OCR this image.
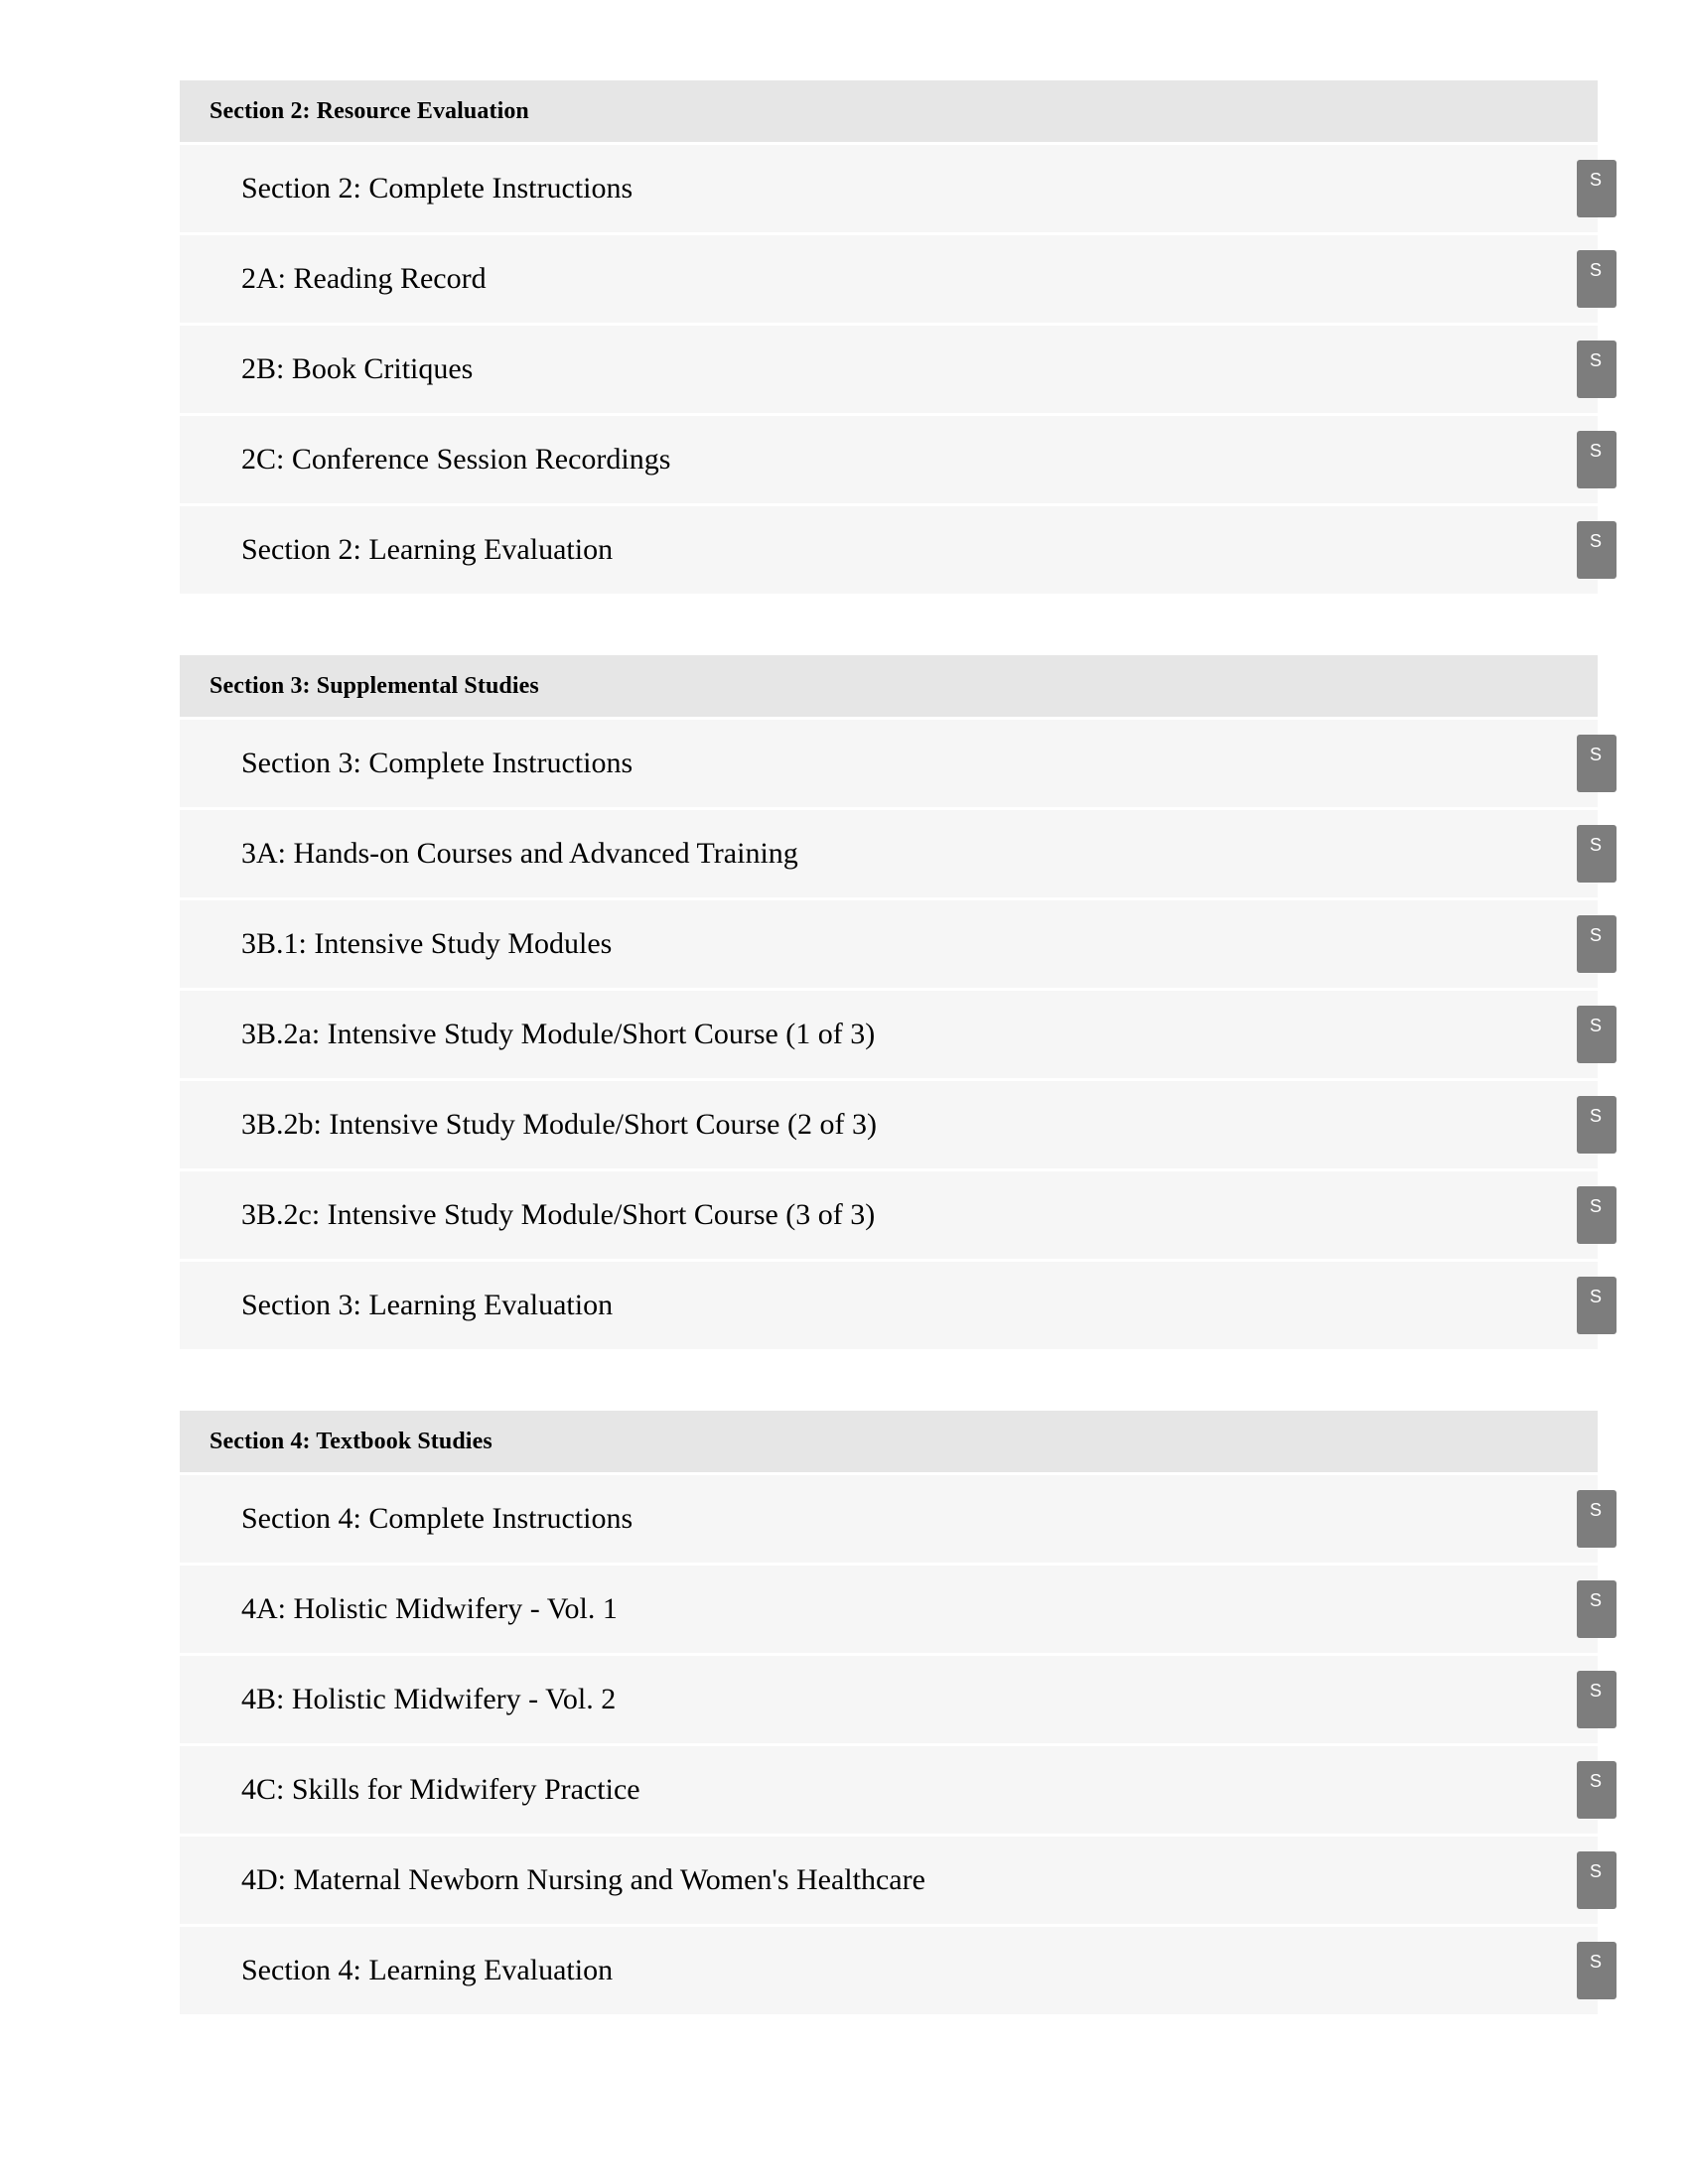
Section 2: Resource Evaluation
Section 2: Complete Instructions	S
2A: Reading Record	S
2B: Book Critiques	S
2C: Conference Session Recordings	S
Section 2: Learning Evaluation	S
Section 3: Supplemental Studies
Section 3: Complete Instructions	S
3A: Hands-on Courses and Advanced Training	S
3B.1: Intensive Study Modules	S
3B.2a: Intensive Study Module/Short Course (1 of 3)	S
3B.2b: Intensive Study Module/Short Course (2 of 3)	S
3B.2c: Intensive Study Module/Short Course (3 of 3)	S
Section 3: Learning Evaluation	S
Section 4: Textbook Studies
Section 4: Complete Instructions	S
4A: Holistic Midwifery - Vol. 1	S
4B: Holistic Midwifery - Vol. 2	S
4C: Skills for Midwifery Practice	S
4D: Maternal Newborn Nursing and Women's Healthcare	S
Section 4: Learning Evaluation	S
